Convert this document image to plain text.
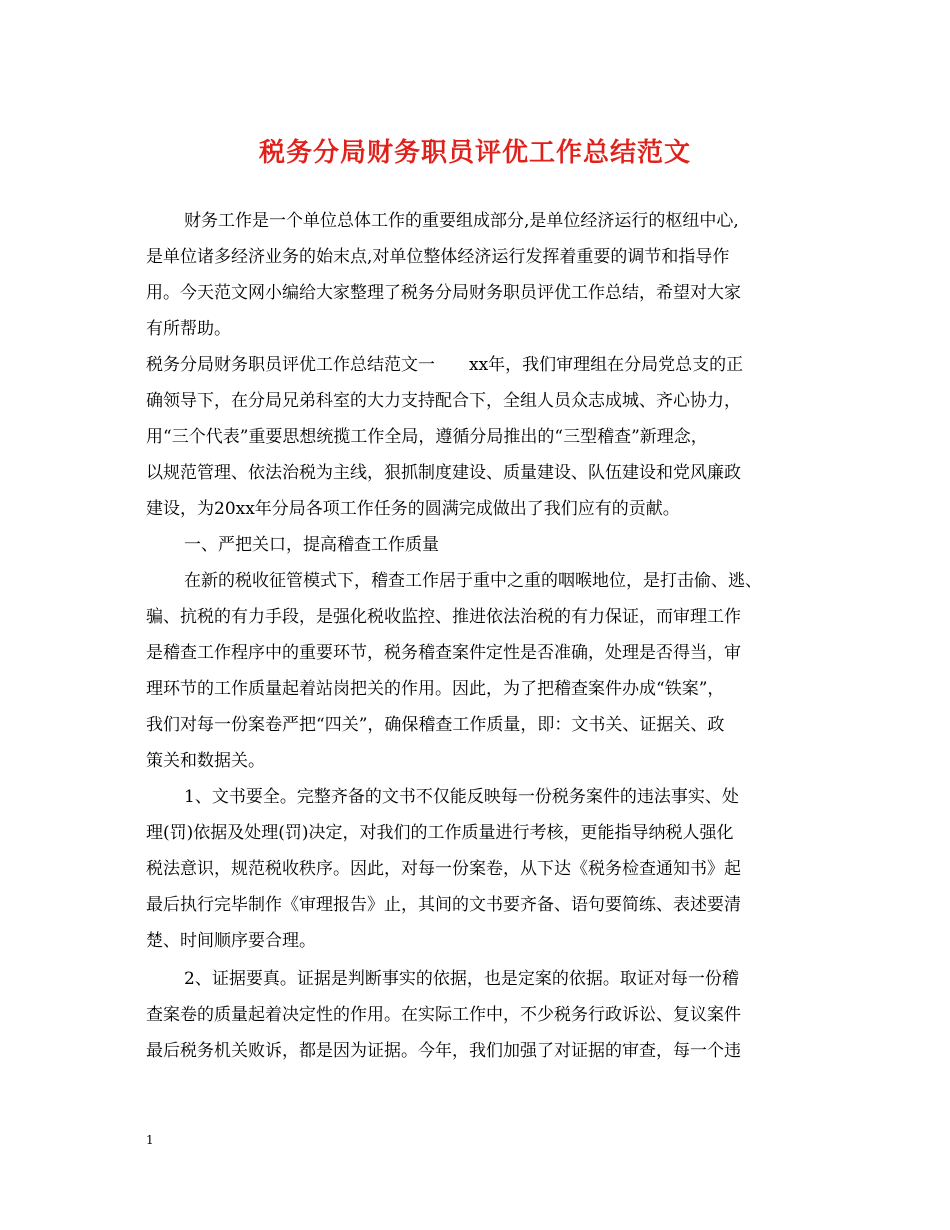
税务分局财务职员评优工作总结范文
财务工作是一个单位总体工作的重要组成部分,是单位经济运行的枢纽中心,
是单位诸多经济业务的始末点,对单位整体经济运行发挥着重要的调节和指导作
用。今天范文网小编给大家整理了税务分局财务职员评优工作总结，希望对大家
有所帮助。
税务分局财务职员评优工作总结范文一　　xx年，我们审理组在分局党总支的正
确领导下，在分局兄弟科室的大力支持配合下，全组人员众志成城、齐心协力，
用“三个代表”重要思想统揽工作全局，遵循分局推出的“三型稽查”新理念，
以规范管理、依法治税为主线，狠抓制度建设、质量建设、队伍建设和党风廉政
建设，为20xx年分局各项工作任务的圆满完成做出了我们应有的贡献。
一、严把关口，提高稽查工作质量
在新的税收征管模式下，稽查工作居于重中之重的咽喉地位，是打击偷、逃、
骗、抗税的有力手段，是强化税收监控、推进依法治税的有力保证，而审理工作
是稽查工作程序中的重要环节，税务稽查案件定性是否准确，处理是否得当，审
理环节的工作质量起着站岗把关的作用。因此，为了把稽查案件办成“铁案”，
我们对每一份案卷严把“四关”，确保稽查工作质量，即：文书关、证据关、政
策关和数据关。
1、文书要全。完整齐备的文书不仅能反映每一份税务案件的违法事实、处
理(罚)依据及处理(罚)决定，对我们的工作质量进行考核，更能指导纳税人强化
税法意识，规范税收秩序。因此，对每一份案卷，从下达《税务检查通知书》起
最后执行完毕制作《审理报告》止，其间的文书要齐备、语句要简练、表述要清
楚、时间顺序要合理。
2、证据要真。证据是判断事实的依据，也是定案的依据。取证对每一份稽
查案卷的质量起着决定性的作用。在实际工作中，不少税务行政诉讼、复议案件
最后税务机关败诉，都是因为证据。今年，我们加强了对证据的审查，每一个违
1
